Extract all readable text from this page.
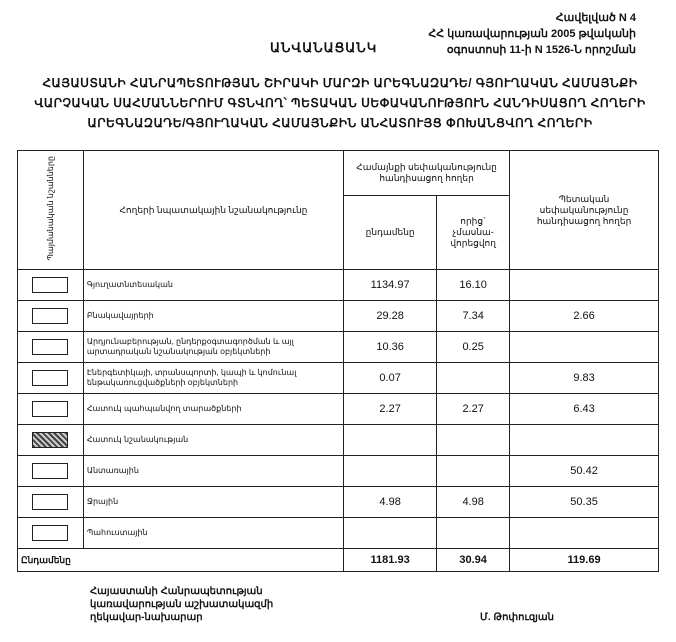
Հավելված N 4
ՀՀ կառավարության 2005 թվականի
օգոստոսի 11-ի N 1526-Ն որոշման
ԱՆՎԱՆԱՑԱՆԿ
ՀԱՅԱՍՏԱՆԻ ՀԱՆՐԱՊԵՏՈՒԹՅԱՆ ՇԻՐԱԿԻ ՄԱՐԶԻ ԱՐԵԳՆԱԶԱԴԵ/ ԳՅՈՒՂԱԿԱՆ ՀԱՄԱՅՆՔԻ
ՎԱՐՉԱԿԱՆ ՍԱՀՄԱՆՆԵՐՈՒՄ ԳՏՆՎՈՂ՝ ՊԵՏԱԿԱՆ ՍԵՓԱԿԱՆՈՒԹՅՈՒՆ ՀԱՆԴԻՍԱՑՈՂ ՀՈՂԵՐԻ
ԱՐԵԳՆԱԶԱԴԵ/ԳՅՈՒՂԱԿԱՆ ՀԱՄԱՅՆՔԻՆ ԱՆՀԱՏՈՒՅՑ ՓՈԽԱՆՑՎՈՂ ՀՈՂԵՐԻ
Պայմանական նշանները	Հողերի նպատակային նշանակությունը	Համայնքի սեփականությունը հանդիսացող հողեր		Պետական սեփականությունը հանդիսացող հողեր
		ընդամենը	որից` չմասնա-վորեցվող	
	Գյուղատնտեսական	1134.97	16.10	
	Բնակավայրերի	29.28	7.34	2.66
	Արդյունաբերության, ընդերքօգտագործման և այլ արտադրական նշանակության օբյեկտների	10.36	0.25	
	Էներգետիկայի, տրանսպորտի, կապի և կոմունալ ենթակառուցվածքների օբյեկտների	0.07		9.83
	Հատուկ պահպանվող տարածքների	2.27	2.27	6.43
	Հատուկ նշանակության			
	Անտառային			50.42
	Ջրային	4.98	4.98	50.35
	Պահուստային			
Ընդամենը		1181.93	30.94	119.69
Հայաստանի Հանրապետության
կառավարության աշխատակազմի
ղեկավար-նախարար	Մ. Թոփուզյան
